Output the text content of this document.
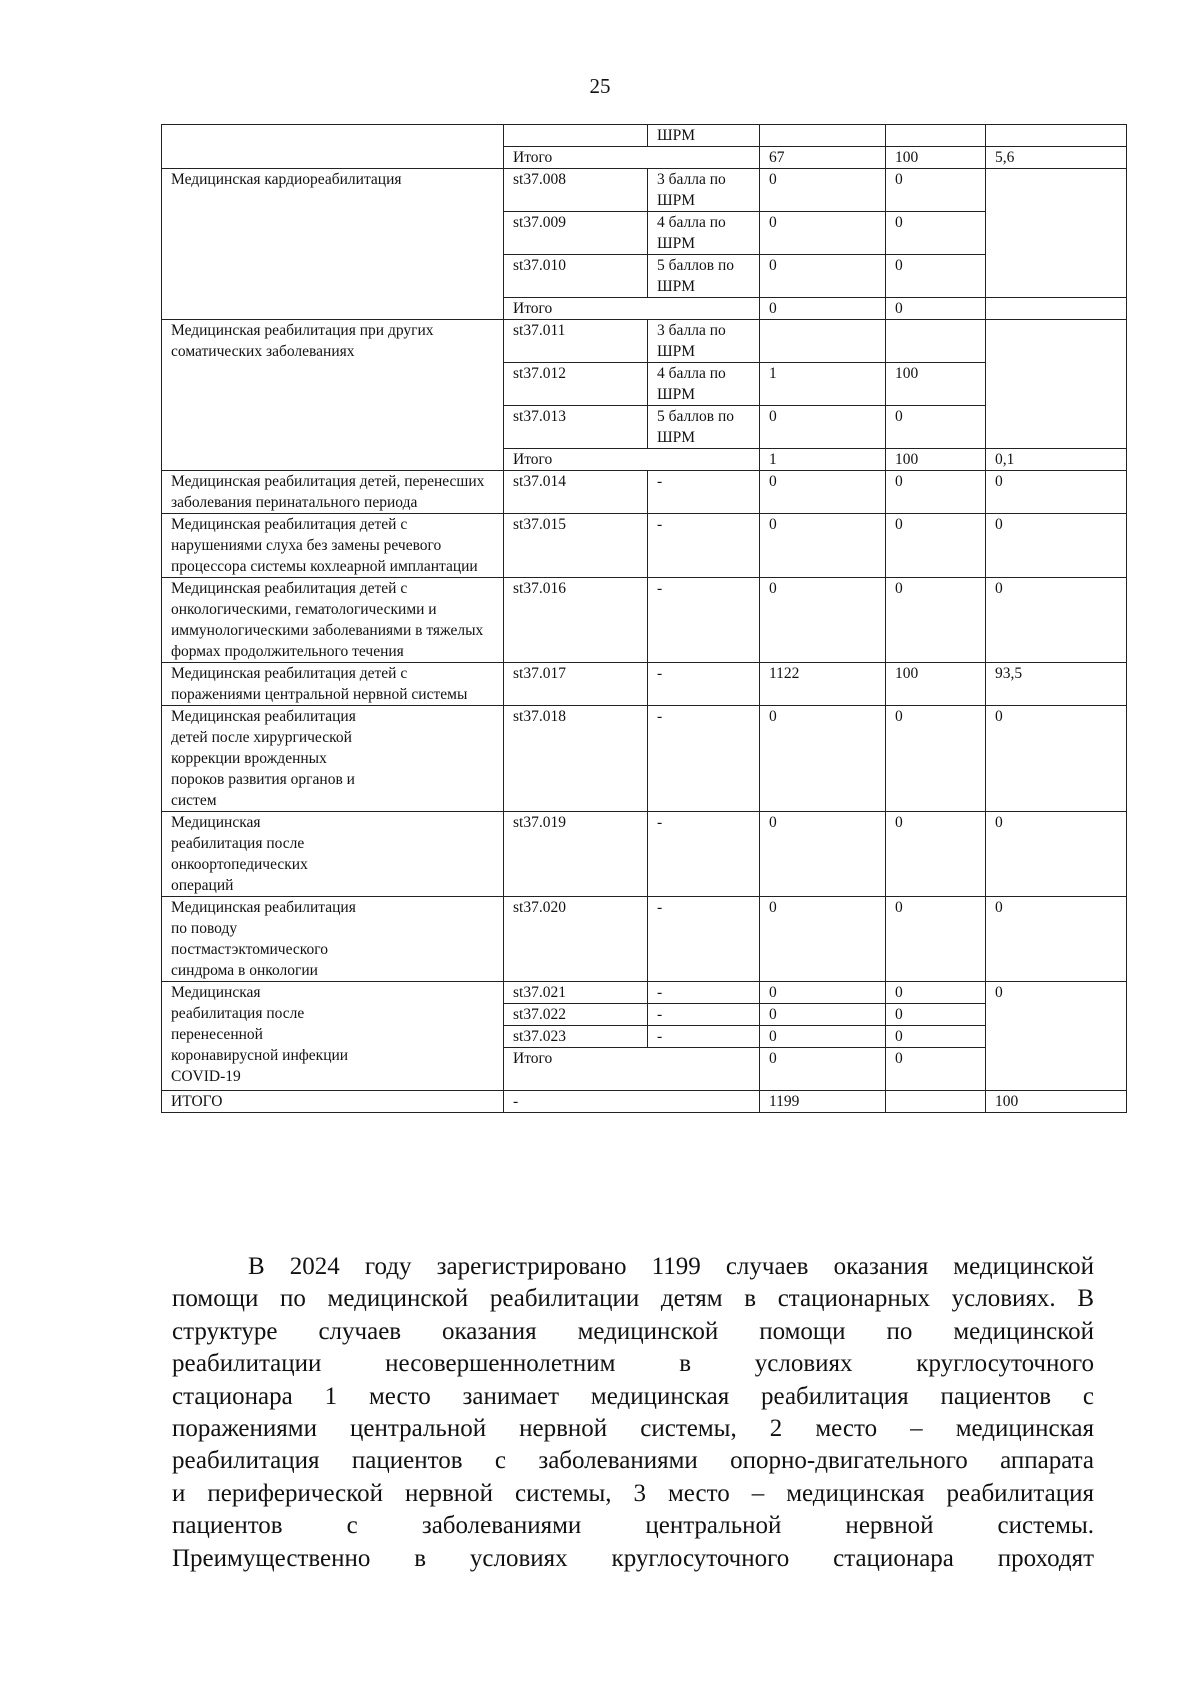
25
		ШРМ			
	Итого		67	100	5,6
Медицинская кардиореабилитация	st37.008	3 балла по ШРМ	0	0	
	st37.009	4 балла по ШРМ	0	0	
	st37.010	5 баллов по ШРМ	0	0	
	Итого		0	0	
Медицинская реабилитация при других соматических заболеваниях	st37.011	3 балла по ШРМ			
	st37.012	4 балла по ШРМ	1	100	
	st37.013	5 баллов по ШРМ	0	0	
	Итого		1	100	0,1
Медицинская реабилитация детей, перенесших заболевания перинатального периода	st37.014	-	0	0	0
Медицинская реабилитация детей с нарушениями слуха без замены речевого процессора системы кохлеарной имплантации	st37.015	-	0	0	0
Медицинская реабилитация детей с онкологическими, гематологическими и иммунологическими заболеваниями в тяжелых формах продолжительного течения	st37.016	-	0	0	0
Медицинская реабилитация детей с поражениями центральной нервной системы	st37.017	-	1122	100	93,5
Медицинская реабилитация детей после хирургической коррекции врожденных пороков развития органов и систем	st37.018	-	0	0	0
Медицинская реабилитация после онкоортопедических операций	st37.019	-	0	0	0
Медицинская реабилитация по поводу постмастэктомического синдрома в онкологии	st37.020	-	0	0	0
Медицинская реабилитация после перенесенной коронавирусной инфекции COVID-19	st37.021	-	0	0	0
	st37.022	-	0	0	
	st37.023	-	0	0	
	Итого		0	0	
ИТОГО	-		1199		100

В 2024 году зарегистрировано 1199 случаев оказания медицинской

помощи по медицинской реабилитации детям в стационарных условиях. В

структуре случаев оказания медицинской помощи по медицинской

реабилитации несовершеннолетним в условиях круглосуточного

стационара 1 место занимает медицинская реабилитация пациентов с

поражениями центральной нервной системы, 2 место – медицинская

реабилитация пациентов с заболеваниями опорно-двигательного аппарата

и периферической нервной системы, 3 место – медицинская реабилитация

пациентов с заболеваниями центральной нервной системы.

Преимущественно в условиях круглосуточного стационара проходят
